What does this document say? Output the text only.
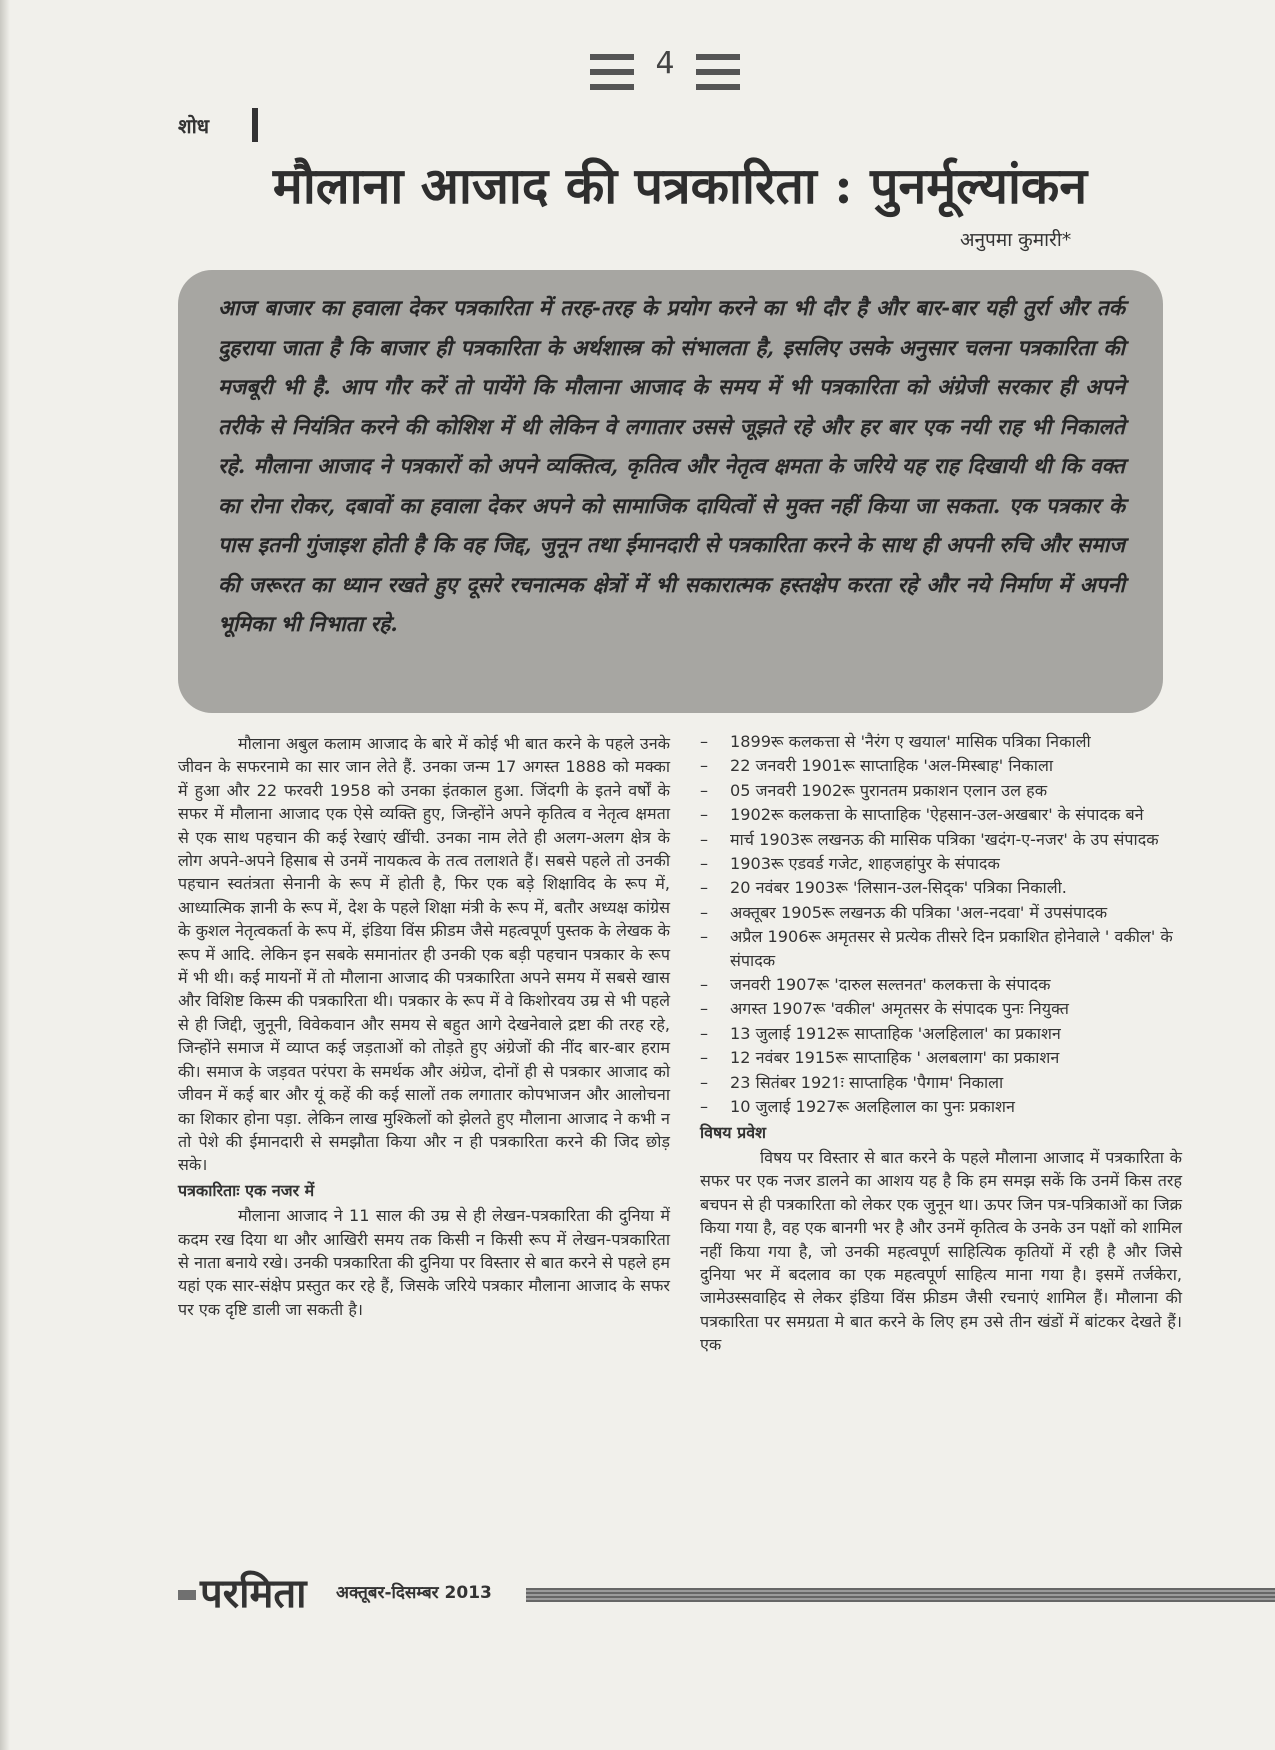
4
शोध
मौलाना आजाद की पत्रकारिता : पुनर्मूल्यांकन
अनुपमा कुमारी*

आज बाजार का हवाला देकर पत्रकारिता में तरह-तरह के प्रयोग करने का भी दौर है और बार-बार यही तुर्रा और तर्क दुहराया जाता है कि बाजार ही पत्रकारिता के अर्थशास्त्र को संभालता है, इसलिए उसके अनुसार चलना पत्रकारिता की मजबूरी भी है. आप गौर करें तो पायेंगे कि मौलाना आजाद के समय में भी पत्रकारिता को अंग्रेजी सरकार ही अपने तरीके से नियंत्रित करने की कोशिश में थी लेकिन वे लगातार उससे जूझते रहे और हर बार एक नयी राह भी निकालते रहे. मौलाना आजाद ने पत्रकारों को अपने व्यक्तित्व, कृतित्व और नेतृत्व क्षमता के जरिये यह राह दिखायी थी कि वक्त का रोना रोकर, दबावों का हवाला देकर अपने को सामाजिक दायित्वों से मुक्त नहीं किया जा सकता. एक पत्रकार के पास इतनी गुंजाइश होती है कि वह जिद्द, जुनून तथा ईमानदारी से पत्रकारिता करने के साथ ही अपनी रुचि और समाज की जरूरत का ध्यान रखते हुए दूसरे रचनात्मक क्षेत्रों में भी सकारात्मक हस्तक्षेप करता रहे और नये निर्माण में अपनी भूमिका भी निभाता रहे.

मौलाना अबुल कलाम आजाद के बारे में कोई भी बात करने के पहले उनके जीवन के सफरनामे का सार जान लेते हैं. उनका जन्म 17 अगस्त 1888 को मक्का में हुआ और 22 फरवरी 1958 को उनका इंतकाल हुआ. जिंदगी के इतने वर्षों के सफर में मौलाना आजाद एक ऐसे व्यक्ति हुए, जिन्होंने अपने कृतित्व व नेतृत्व क्षमता से एक साथ पहचान की कई रेखाएं खींची. उनका नाम लेते ही अलग-अलग क्षेत्र के लोग अपने-अपने हिसाब से उनमें नायकत्व के तत्व तलाशते हैं। सबसे पहले तो उनकी पहचान स्वतंत्रता सेनानी के रूप में होती है, फिर एक बड़े शिक्षाविद के रूप में, आध्यात्मिक ज्ञानी के रूप में, देश के पहले शिक्षा मंत्री के रूप में, बतौर अध्यक्ष कांग्रेस के कुशल नेतृत्वकर्ता के रूप में, इंडिया विंस फ्रीडम जैसे महत्वपूर्ण पुस्तक के लेखक के रूप में आदि. लेकिन इन सबके समानांतर ही उनकी एक बड़ी पहचान पत्रकार के रूप में भी थी। कई मायनों में तो मौलाना आजाद की पत्रकारिता अपने समय में सबसे खास और विशिष्ट किस्म की पत्रकारिता थी। पत्रकार के रूप में वे किशोरवय उम्र से भी पहले से ही जिद्दी, जुनूनी, विवेकवान और समय से बहुत आगे देखनेवाले द्रष्टा की तरह रहे, जिन्होंने समाज में व्याप्त कई जड़ताओं को तोड़ते हुए अंग्रेजों की नींद बार-बार हराम की। समाज के जड़वत परंपरा के समर्थक और अंग्रेज, दोनों ही से पत्रकार आजाद को जीवन में कई बार और यूं कहें की कई सालों तक लगातार कोपभाजन और आलोचना का शिकार होना पड़ा. लेकिन लाख मुश्किलों को झेलते हुए मौलाना आजाद ने कभी न तो पेशे की ईमानदारी से समझौता किया और न ही पत्रकारिता करने की जिद छोड़ सके।

पत्रकारिताः एक नजर में

मौलाना आजाद ने 11 साल की उम्र से ही लेखन-पत्रकारिता की दुनिया में कदम रख दिया था और आखिरी समय तक किसी न किसी रूप में लेखन-पत्रकारिता से नाता बनाये रखे। उनकी पत्रकारिता की दुनिया पर विस्तार से बात करने से पहले हम यहां एक सार-संक्षेप प्रस्तुत कर रहे हैं, जिसके जरिये पत्रकार मौलाना आजाद के सफर पर एक दृष्टि डाली जा सकती है।

–	1899रू कलकत्ता से 'नैरंग ए खयाल' मासिक पत्रिका निकाली
–	22 जनवरी 1901रू साप्ताहिक 'अल-मिस्बाह' निकाला
–	05 जनवरी 1902रू पुरानतम प्रकाशन एलान उल हक
–	1902रू कलकत्ता के साप्ताहिक 'ऐहसान-उल-अखबार' के संपादक बने
–	मार्च 1903रू लखनऊ की मासिक पत्रिका 'खदंग-ए-नजर' के उप संपादक
–	1903रू एडवर्ड गजेट, शाहजहांपुर के संपादक
–	20 नवंबर 1903रू 'लिसान-उल-सिद्क' पत्रिका निकाली.
–	अक्तूबर 1905रू लखनऊ की पत्रिका 'अल-नदवा' में उपसंपादक
–	अप्रैल 1906रू अमृतसर से प्रत्येक तीसरे दिन प्रकाशित होनेवाले ' वकील' के संपादक
–	जनवरी 1907रू 'दारुल सल्तनत' कलकत्ता के संपादक
–	अगस्त 1907रू 'वकील' अमृतसर के संपादक पुनः नियुक्त
–	13 जुलाई 1912रू साप्ताहिक 'अलहिलाल' का प्रकाशन
–	12 नवंबर 1915रू साप्ताहिक ' अलबलाग' का प्रकाशन
–	23 सितंबर 1921ः साप्ताहिक 'पैगाम' निकाला
–	10 जुलाई 1927रू अलहिलाल का पुनः प्रकाशन
विषय प्रवेश

विषय पर विस्तार से बात करने के पहले मौलाना आजाद में पत्रकारिता के सफर पर एक नजर डालने का आशय यह है कि हम समझ सकें कि उनमें किस तरह बचपन से ही पत्रकारिता को लेकर एक जुनून था। ऊपर जिन पत्र-पत्रिकाओं का जिक्र किया गया है, वह एक बानगी भर है और उनमें कृतित्व के उनके उन पक्षों को शामिल नहीं किया गया है, जो उनकी महत्वपूर्ण साहित्यिक कृतियों में रही है और जिसे दुनिया भर में बदलाव का एक महत्वपूर्ण साहित्य माना गया है। इसमें तर्जकेरा, जामेउस्सवाहिद से लेकर इंडिया विंस फ्रीडम जैसी रचनाएं शामिल हैं। मौलाना की पत्रकारिता पर समग्रता मे बात करने के लिए हम उसे तीन खंडों में बांटकर देखते हैं। एक

परमिता अक्तूबर-दिसम्बर 2013
